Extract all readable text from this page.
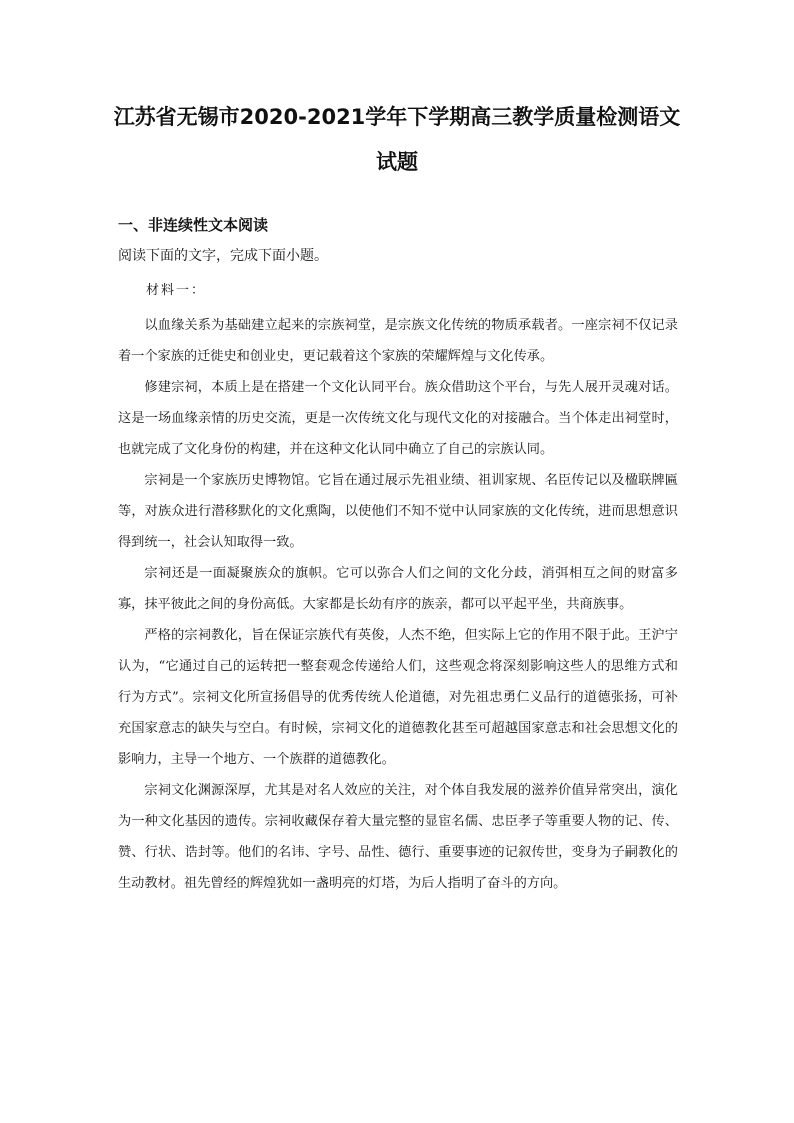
江苏省无锡市2020-2021学年下学期高三教学质量检测语文
试题
一、非连续性文本阅读

阅读下面的文字，完成下面小题。

材料一：

以血缘关系为基础建立起来的宗族祠堂，是宗族文化传统的物质承载者。一座宗祠不仅记录着一个家族的迁徙史和创业史，更记载着这个家族的荣耀辉煌与文化传承。

修建宗祠，本质上是在搭建一个文化认同平台。族众借助这个平台，与先人展开灵魂对话。这是一场血缘亲情的历史交流，更是一次传统文化与现代文化的对接融合。当个体走出祠堂时，也就完成了文化身份的构建，并在这种文化认同中确立了自己的宗族认同。

宗祠是一个家族历史博物馆。它旨在通过展示先祖业绩、祖训家规、名臣传记以及楹联牌匾等，对族众进行潜移默化的文化熏陶，以使他们不知不觉中认同家族的文化传统，进而思想意识得到统一，社会认知取得一致。

宗祠还是一面凝聚族众的旗帜。它可以弥合人们之间的文化分歧，消弭相互之间的财富多寡，抹平彼此之间的身份高低。大家都是长幼有序的族亲，都可以平起平坐，共商族事。

严格的宗祠教化，旨在保证宗族代有英俊，人杰不绝，但实际上它的作用不限于此。王沪宁认为，“它通过自己的运转把一整套观念传递给人们，这些观念将深刻影响这些人的思维方式和行为方式”。宗祠文化所宣扬倡导的优秀传统人伦道德，对先祖忠勇仁义品行的道德张扬，可补充国家意志的缺失与空白。有时候，宗祠文化的道德教化甚至可超越国家意志和社会思想文化的影响力，主导一个地方、一个族群的道德教化。

宗祠文化渊源深厚，尤其是对名人效应的关注，对个体自我发展的滋养价值异常突出，演化为一种文化基因的遗传。宗祠收藏保存着大量完整的显宦名儒、忠臣孝子等重要人物的记、传、赞、行状、诰封等。他们的名讳、字号、品性、德行、重要事迹的记叙传世，变身为子嗣教化的生动教材。祖先曾经的辉煌犹如一盏明亮的灯塔，为后人指明了奋斗的方向。
